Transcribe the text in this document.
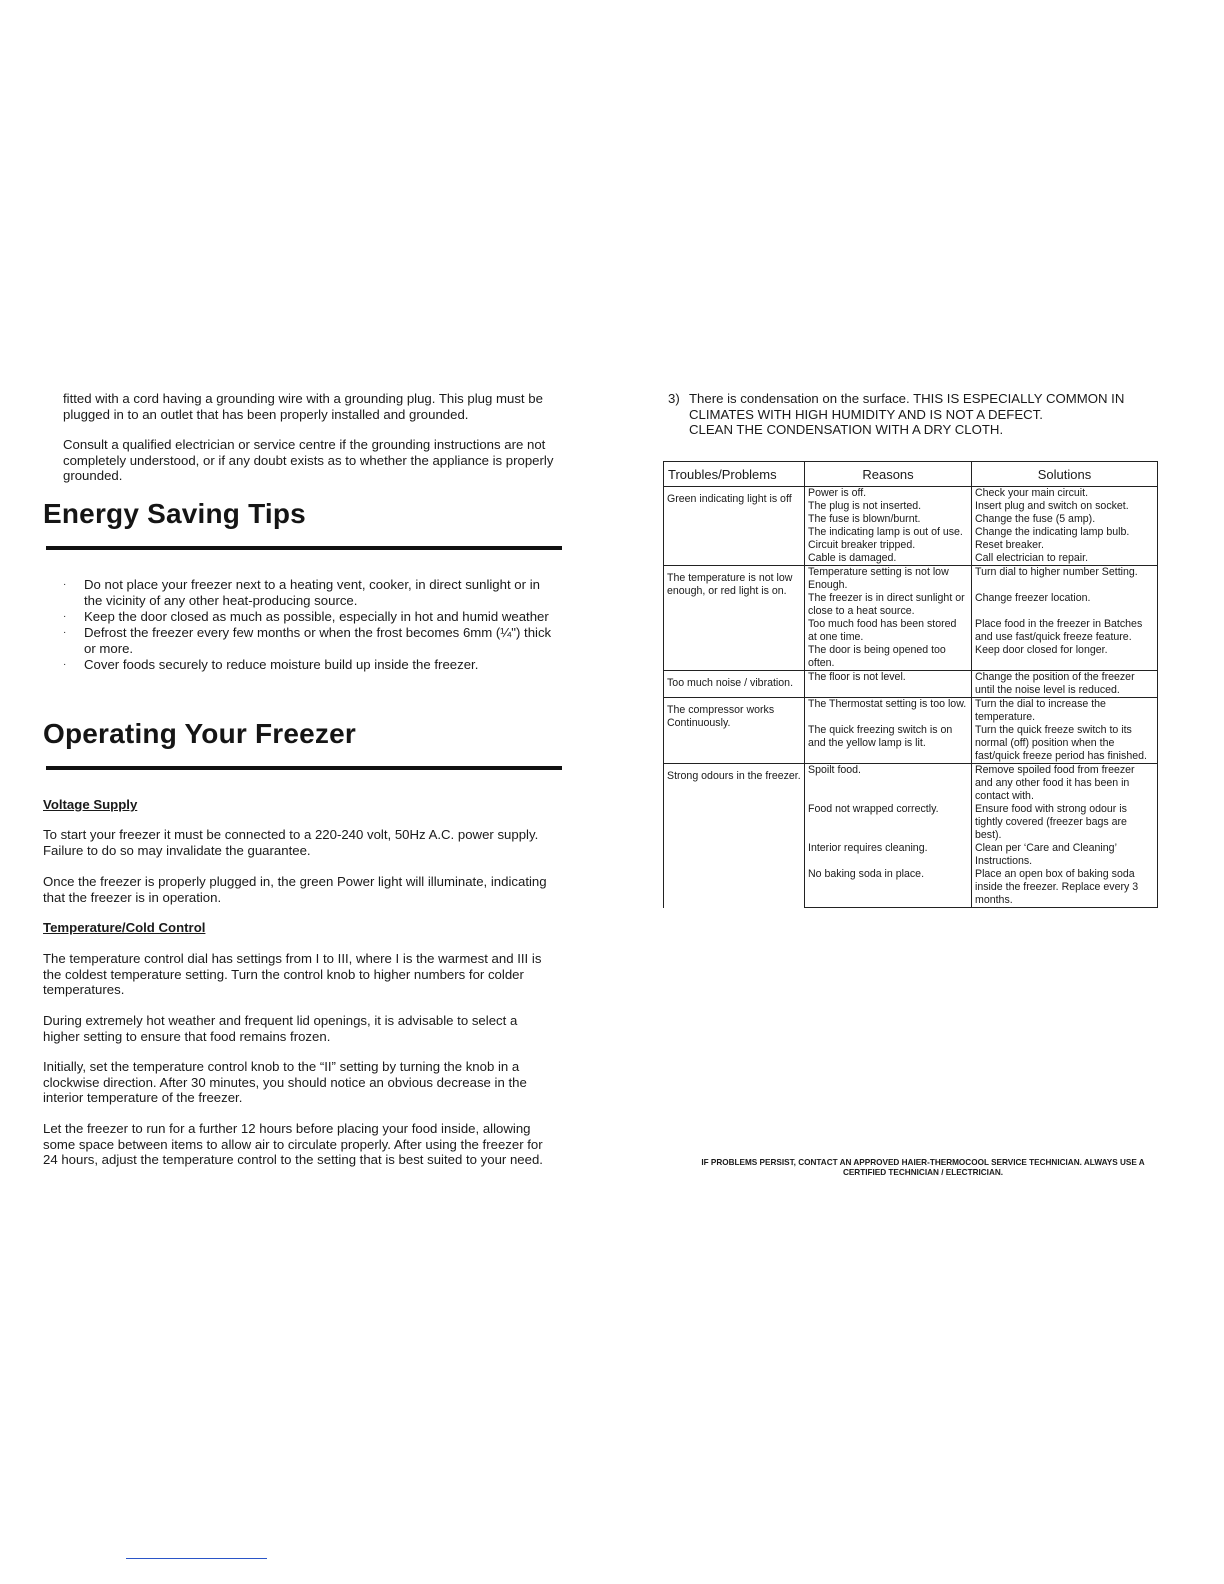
fitted with a cord having a grounding wire with a grounding plug. This plug must be plugged in to an outlet that has been properly installed and grounded.

Consult a qualified electrician or service centre if the grounding instructions are not completely understood, or if any doubt exists as to whether the appliance is properly grounded.

Energy Saving Tips
· Do not place your freezer next to a heating vent, cooker, in direct sunlight or in the vicinity of any other heat-producing source.
· Keep the door closed as much as possible, especially in hot and humid weather
· Defrost the freezer every few months or when the frost becomes 6mm (¼") thick or more.
· Cover foods securely to reduce moisture build up inside the freezer.
Operating Your Freezer

Voltage Supply

To start your freezer it must be connected to a 220-240 volt, 50Hz A.C. power supply. Failure to do so may invalidate the guarantee.

Once the freezer is properly plugged in, the green Power light will illuminate, indicating that the freezer is in operation.

Temperature/Cold Control

The temperature control dial has settings from I to III, where I is the warmest and III is the coldest temperature setting. Turn the control knob to higher numbers for colder temperatures.

During extremely hot weather and frequent lid openings, it is advisable to select a higher setting to ensure that food remains frozen.

Initially, set the temperature control knob to the “II” setting by turning the knob in a clockwise direction. After 30 minutes, you should notice an obvious decrease in the interior temperature of the freezer.

Let the freezer to run for a further 12 hours before placing your food inside, allowing some space between items to allow air to circulate properly. After using the freezer for 24 hours, adjust the temperature control to the setting that is best suited to your need.

3) There is condensation on the surface. THIS IS ESPECIALLY COMMON IN
CLIMATES WITH HIGH HUMIDITY AND IS NOT A DEFECT.
CLEAN THE CONDENSATION WITH A DRY CLOTH.
Troubles/Problems	Reasons	Solutions
Green indicating light is off	Power is off.	Check your main circuit.
	The plug is not inserted.	Insert plug and switch on socket.
	The fuse is blown/burnt.	Change the fuse (5 amp).
	The indicating lamp is out of use.	Change the indicating lamp bulb.
	Circuit breaker tripped.	Reset breaker.
	Cable is damaged.	Call electrician to repair.
The temperature is not low enough, or red light is on.	Temperature setting is not low Enough.	Turn dial to higher number Setting.
	The freezer is in direct sunlight or close to a heat source.	Change freezer location.
	Too much food has been stored at one time.	Place food in the freezer in Batches and use fast/quick freeze feature.
	The door is being opened too often.	Keep door closed for longer.
Too much noise / vibration.	The floor is not level.	Change the position of the freezer until the noise level is reduced.
The compressor works Continuously.	The Thermostat setting is too low.	Turn the dial to increase the temperature.
	The quick freezing switch is on and the yellow lamp is lit.	Turn the quick freeze switch to its normal (off) position when the fast/quick freeze period has finished.
Strong odours in the freezer.	Spoilt food.	Remove spoiled food from freezer and any other food it has been in contact with.
	Food not wrapped correctly.	Ensure food with strong odour is tightly covered (freezer bags are best).
	Interior requires cleaning.	Clean per ‘Care and Cleaning’ Instructions.
	No baking soda in place.	Place an open box of baking soda inside the freezer. Replace every 3 months.
IF PROBLEMS PERSIST, CONTACT AN APPROVED HAIER-THERMOCOOL SERVICE TECHNICIAN. ALWAYS USE A
CERTIFIED TECHNICIAN / ELECTRICIAN.
